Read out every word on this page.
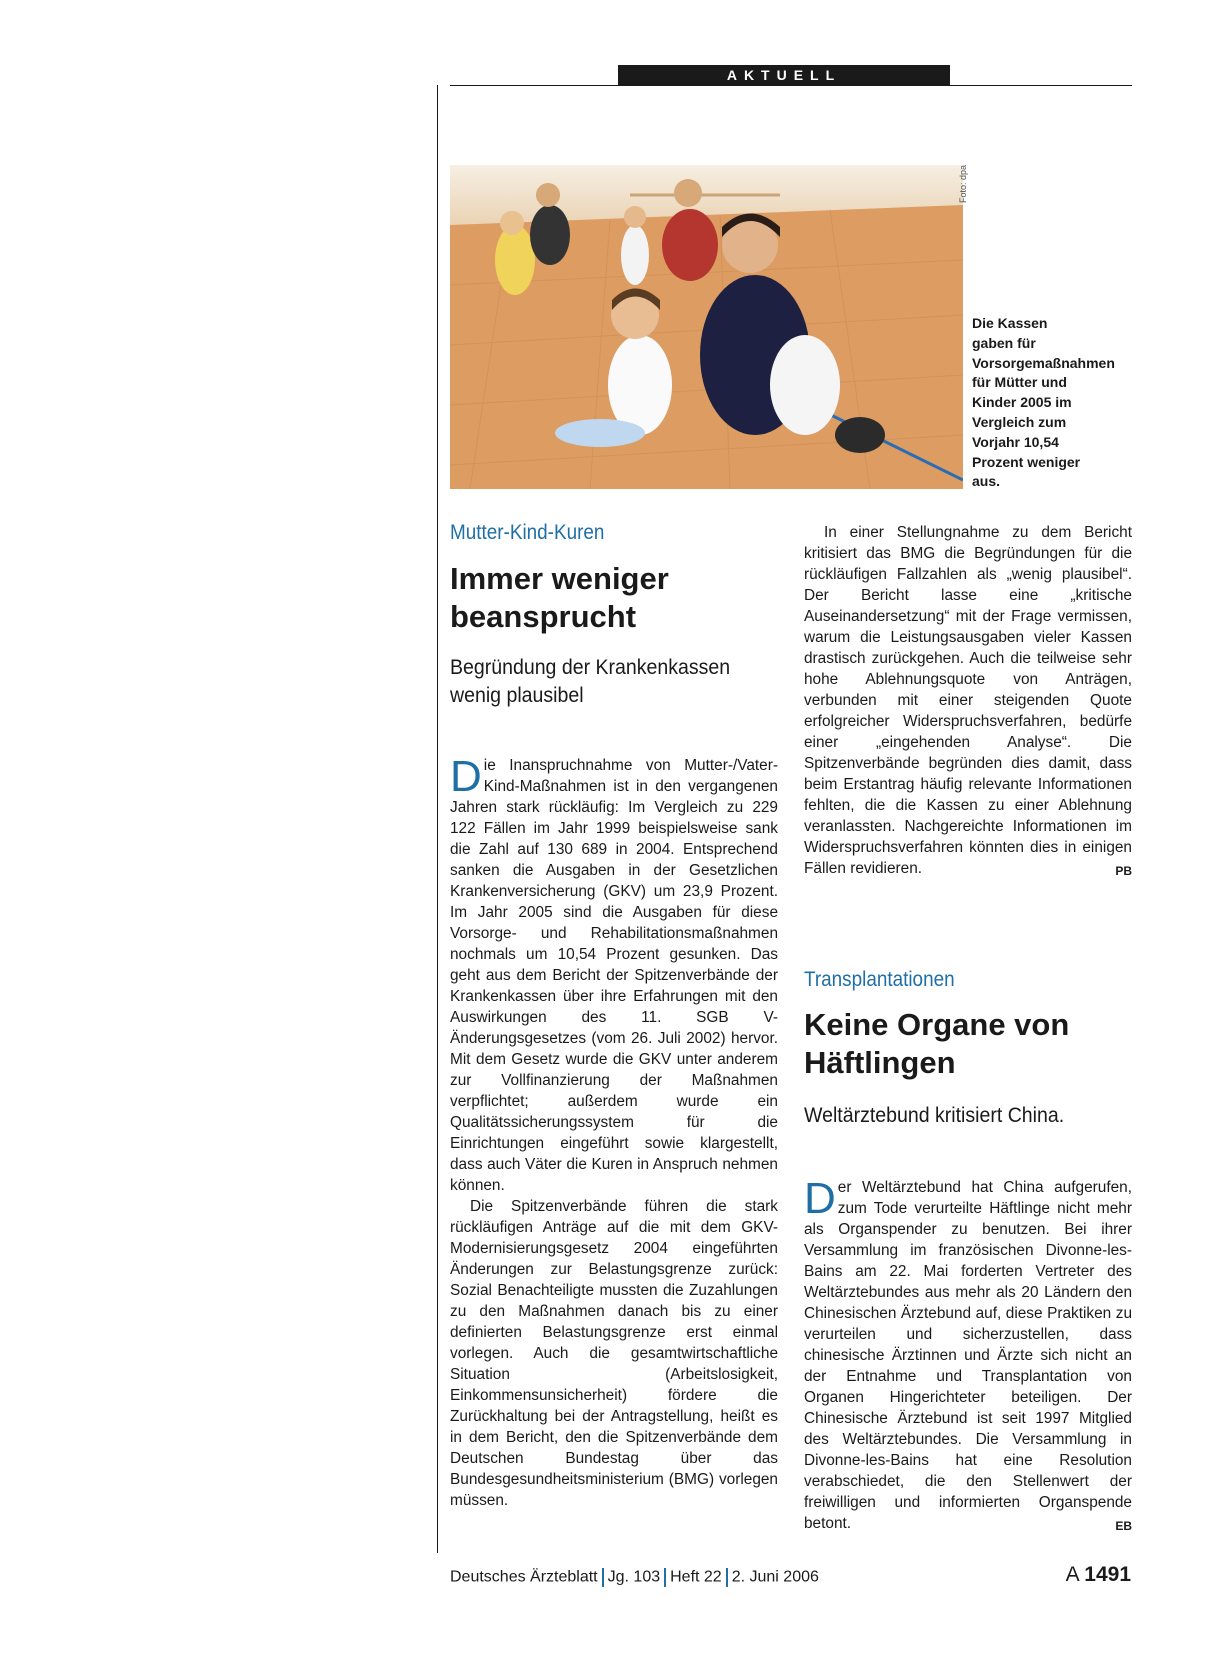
AKTUELL
Foto: dpa
Die Kassen gaben für Vorsorgemaßnahmen für Mütter und Kinder 2005 im Vergleich zum Vorjahr 10,54 Prozent weniger aus.
Mutter-Kind-Kuren
Immer weniger beansprucht
Begründung der Krankenkassen wenig plausibel

Die Inanspruchnahme von Mutter-/Vater-Kind-Maßnahmen ist in den vergangenen Jahren stark rückläufig: Im Vergleich zu 229 122 Fällen im Jahr 1999 beispielsweise sank die Zahl auf 130 689 in 2004. Entsprechend sanken die Ausgaben in der Gesetzlichen Krankenversicherung (GKV) um 23,9 Prozent. Im Jahr 2005 sind die Ausgaben für diese Vorsorge- und Rehabilitationsmaßnahmen nochmals um 10,54 Prozent gesunken. Das geht aus dem Bericht der Spitzenverbände der Krankenkassen über ihre Erfahrungen mit den Auswirkungen des 11. SGB V-Änderungsgesetzes (vom 26. Juli 2002) hervor. Mit dem Gesetz wurde die GKV unter anderem zur Vollfinanzierung der Maßnahmen verpflichtet; außerdem wurde ein Qualitätssicherungssystem für die Einrichtungen eingeführt sowie klargestellt, dass auch Väter die Kuren in Anspruch nehmen können.

Die Spitzenverbände führen die stark rückläufigen Anträge auf die mit dem GKV-Modernisierungsgesetz 2004 eingeführten Änderungen zur Belastungsgrenze zurück: Sozial Benachteiligte mussten die Zuzahlungen zu den Maßnahmen danach bis zu einer definierten Belastungsgrenze erst einmal vorlegen. Auch die gesamtwirtschaftliche Situation (Arbeitslosigkeit, Einkommensunsicherheit) fördere die Zurückhaltung bei der Antragstellung, heißt es in dem Bericht, den die Spitzenverbände dem Deutschen Bundestag über das Bundesgesundheitsministerium (BMG) vorlegen müssen.

In einer Stellungnahme zu dem Bericht kritisiert das BMG die Begründungen für die rückläufigen Fallzahlen als „wenig plausibel“. Der Bericht lasse eine „kritische Auseinandersetzung“ mit der Frage vermissen, warum die Leistungsausgaben vieler Kassen drastisch zurückgehen. Auch die teilweise sehr hohe Ablehnungsquote von Anträgen, verbunden mit einer steigenden Quote erfolgreicher Widerspruchsverfahren, bedürfe einer „eingehenden Analyse“. Die Spitzenverbände begründen dies damit, dass beim Erstantrag häufig relevante Informationen fehlten, die die Kassen zu einer Ablehnung veranlassten. Nachgereichte Informationen im Widerspruchsverfahren könnten dies in einigen Fällen revidieren.	PB

Transplantationen
Keine Organe von Häftlingen
Weltärztebund kritisiert China.

Der Weltärztebund hat China aufgerufen, zum Tode verurteilte Häftlinge nicht mehr als Organspender zu benutzen. Bei ihrer Versammlung im französischen Divonne-les-Bains am 22. Mai forderten Vertreter des Weltärztebundes aus mehr als 20 Ländern den Chinesischen Ärztebund auf, diese Praktiken zu verurteilen und sicherzustellen, dass chinesische Ärztinnen und Ärzte sich nicht an der Entnahme und Transplantation von Organen Hingerichteter beteiligen. Der Chinesische Ärztebund ist seit 1997 Mitglied des Weltärztebundes. Die Versammlung in Divonne-les-Bains hat eine Resolution verabschiedet, die den Stellenwert der freiwilligen und informierten Organspende betont.	EB

Deutsches Ärzteblatt Jg. 103 Heft 22 2. Juni 2006	A 1491
